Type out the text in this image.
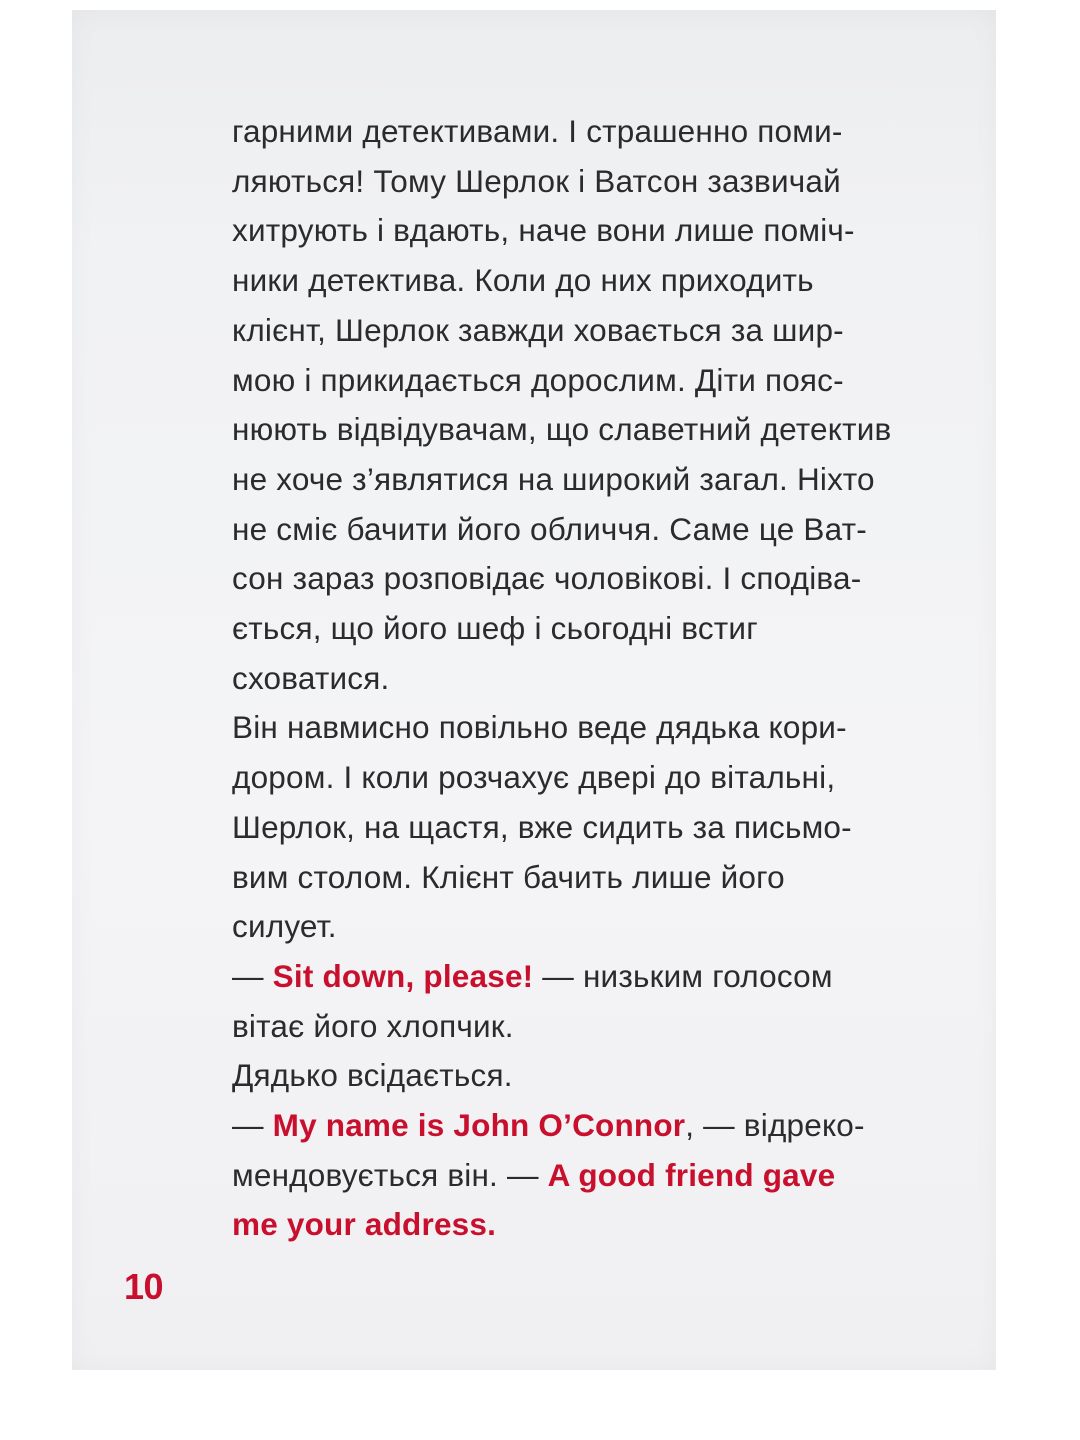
гарними детективами. І страшенно поми-
ляються! Тому Шерлок і Ватсон зазвичай
хитрують і вдають, наче вони лише поміч-
ники детектива. Коли до них приходить
клієнт, Шерлок завжди ховається за шир-
мою і прикидається дорослим. Діти пояс-
нюють відвідувачам, що славетний детектив
не хоче з’являтися на широкий загал. Ніхто
не сміє бачити його обличчя. Саме це Ват-
сон зараз розповідає чоловікові. І сподіва-
ється, що його шеф і сьогодні встиг
сховатися.
Він навмисно повільно веде дядька кори-
дором. І коли розчахує двері до вітальні,
Шерлок, на щастя, вже сидить за письмо-
вим столом. Клієнт бачить лише його
силует.
— Sit down, please! — низьким голосом
вітає його хлопчик.
Дядько всідається.
— My name is John O’Connor, — відреко-
мендовується він. — A good friend gave
me your address.
10
